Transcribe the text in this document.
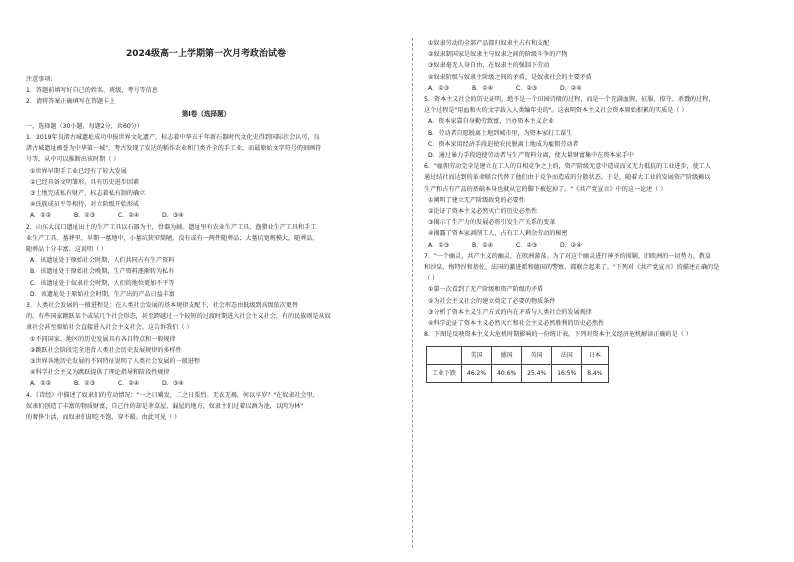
2024级高一上学期第一次月考政治试卷
注意事项:
1．答题前填写好自己的姓名、班级、考号等信息
2．请将答案正确填写在答题卡上
第Ⅰ卷（选择题）
一、选择题（30小题，每题2分，共60分）
1．2019年良渚古城遗址成功申报世界文化遗产，标志着中华五千年新石器时代文化史得到国际社会认可，良
渚古城遗址被誉为中华第一城"，考古发现了发达的稻作农业和门类齐全的手工业，而最原始文字符号的刻画符
号等，从中可以推断出该时期（ ）
①世界早期手工业已经有了较大发展
②已经具备文明雏形，具有历史进步因素
③土地完成私有财产，标志着私有制的确立
④氏族成员平等相待，对立阶级开始形成
A．①②	B．①③	C．②④	D．③④
2．山东大汶口遗址出土的生产工具以石器为主，骨器为辅。遗址里有农业生产工具、渔猎业生产工具和手工
业生产工具。墓葬里，早期一墓地中，小墓坑狭窄简陋，没有或有一两件随葬品；大墓坑宽规模大，随葬品，
随葬品十分丰富。这说明（ ）
A．该遗址处于原始社会时期，人们共同占有生产资料
B．该遗址处于原始社会晚期，生产资料逐渐转为私有
C．该遗址处于奴隶社会时期，人们的地位更加不平等
D．该遗址处于原始社会时期，生产出的产品日益丰富
3．人类社会发展的一般进程是：在人类社会发展的基本规律支配下，社会形态由低级到高级依次更替
的。有些国家跳跃某个或某几个社会形态，甚至跨越过一个较短的过渡时期进入社会主义社会，有的民族则是从奴
隶社会甚至原始社会直接进入社会主义社会。这告诉我们（ ）
①不同国家、地区的历史发展具有各自特点和一般规律
②跳跃社会阶段完全违背人类社会历史发展规律的多样性
③世界各地历史发展的不同特征说明了人类社会发展的一般进程
④科学社会主义为跳跃提供了理论指导和阶段性规律
A．①②	B．①③	C．②④	D．③④
4．《诗经》中描述了奴隶们的劳动情况："一之日觱发，二之日栗烈。无衣无褐，何以卒岁？"在奴隶社会里，
奴隶们创造了丰富的物质财富，自己住的却是茅草屋，漏屋的地方，奴隶主们过着以酒为池，以肉为林"
的奢侈生活，而奴隶们却吃不饱、穿不暖。由此可见（ ）
①奴隶劳动的全部产品都归奴隶主占有和支配
②奴隶制国家是奴隶主与奴隶之间的阶级斗争的产物
③奴隶毫无人身自由，在奴隶主的强制下劳动
④奴隶阶级与奴隶主阶级之间的矛盾，是奴隶社会的主要矛盾
A．①③	B．①④	C．②③	D．②④
5．资本主义社会的历史证明，绝不是一个田园诗般的过程，而是一个充满血腥、征服、掠夺、杀戮的过程，
这个过程是"用血和火的文字载入人类编年史的"。这表明资本主义社会资本原始积累的实质是（ ）
A．资本家靠自身勤劳致富，兴办资本主义企业
B．劳动者自愿脱离土地到城市里，为资本家打工谋生
C．资本家用经济手段迫使农民脱离土地成为雇佣劳动者
D．通过暴力手段迫使劳动者与生产资料分离，使大量财富集中在资本家手中
6．"雇佣劳动完全是建立在工人的自相竞争之上的，资产阶级无意中造成而又无力抵抗的工业进步，使工人
通过结社而达到的革命联合代替了他们由于竞争而造成的分散状态。于是，随着大工业的发展资产阶级赖以
生产和占有产品的基础本身也就从它的脚下被挖掉了。"《共产党宣言》中的这一论述（ ）
①阐明了建立无产阶级政党的必要性
②论证了资本主义必然灭亡的历史必然性
③揭示了生产力的发展必将引发生产关系的变革
④揭露了资本家剥削工人、占有工人剩余劳动的秘密
A．①③	B．①④	C．②③	D．②④
7．"一个幽灵，共产主义的幽灵，在欧洲游荡。为了对这个幽灵进行神圣的围剿，旧欧洲的一切势力，教皇
和沙皇、梅特涅和基佐、法国的激进派和德国的警察，都联合起来了。"下列对《共产党宣言》的描述正确的是
（ ）
①第一次看到了无产阶级和资产阶级的矛盾
②为社会主义社会的建立奠定了必要的物质条件
③分析了资本主义生产方式的内在矛盾与人类社会的发展规律
④科学论证了资本主义必然灭亡和社会主义必然胜利的历史必然性
8．下图是反映资本主义大危机时期影响的一份统计表。下列对资本主义经济危机解读正确的是（ ）
	美国	德国	英国	法国	日本
工业下跌	46.2%	40.6%	25.4%	16.5%	8.4%
